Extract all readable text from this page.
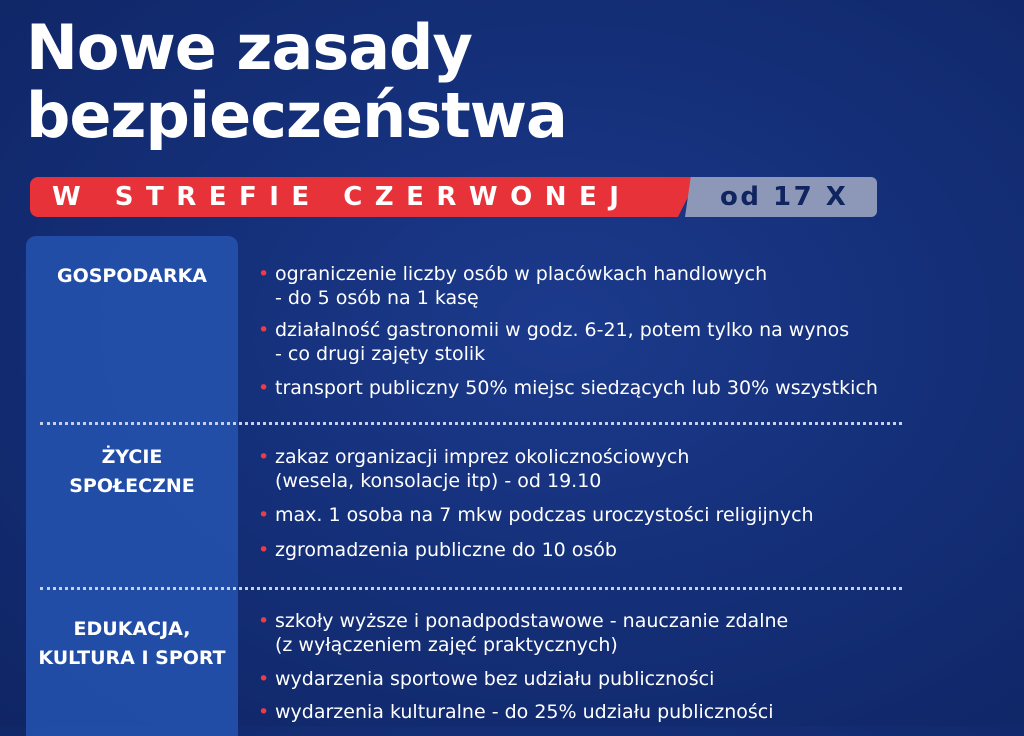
Nowe zasady
bezpieczeństwa
W STREFIE CZERWONEJ	od 17 X
GOSPODARKA	• ograniczenie liczby osób w placówkach handlowych
- do 5 osób na 1 kasę
• działalność gastronomii w godz. 6-21, potem tylko na wynos
- co drugi zajęty stolik
• transport publiczny 50% miejsc siedzących lub 30% wszystkich
ŻYCIE
SPOŁECZNE
• zakaz organizacji imprez okolicznościowych
(wesela, konsolacje itp) - od 19.10
• max. 1 osoba na 7 mkw podczas uroczystości religijnych
• zgromadzenia publiczne do 10 osób
EDUKACJA,
KULTURA I SPORT
• szkoły wyższe i ponadpodstawowe - nauczanie zdalne
(z wyłączeniem zajęć praktycznych)
• wydarzenia sportowe bez udziału publiczności
• wydarzenia kulturalne - do 25% udziału publiczności
